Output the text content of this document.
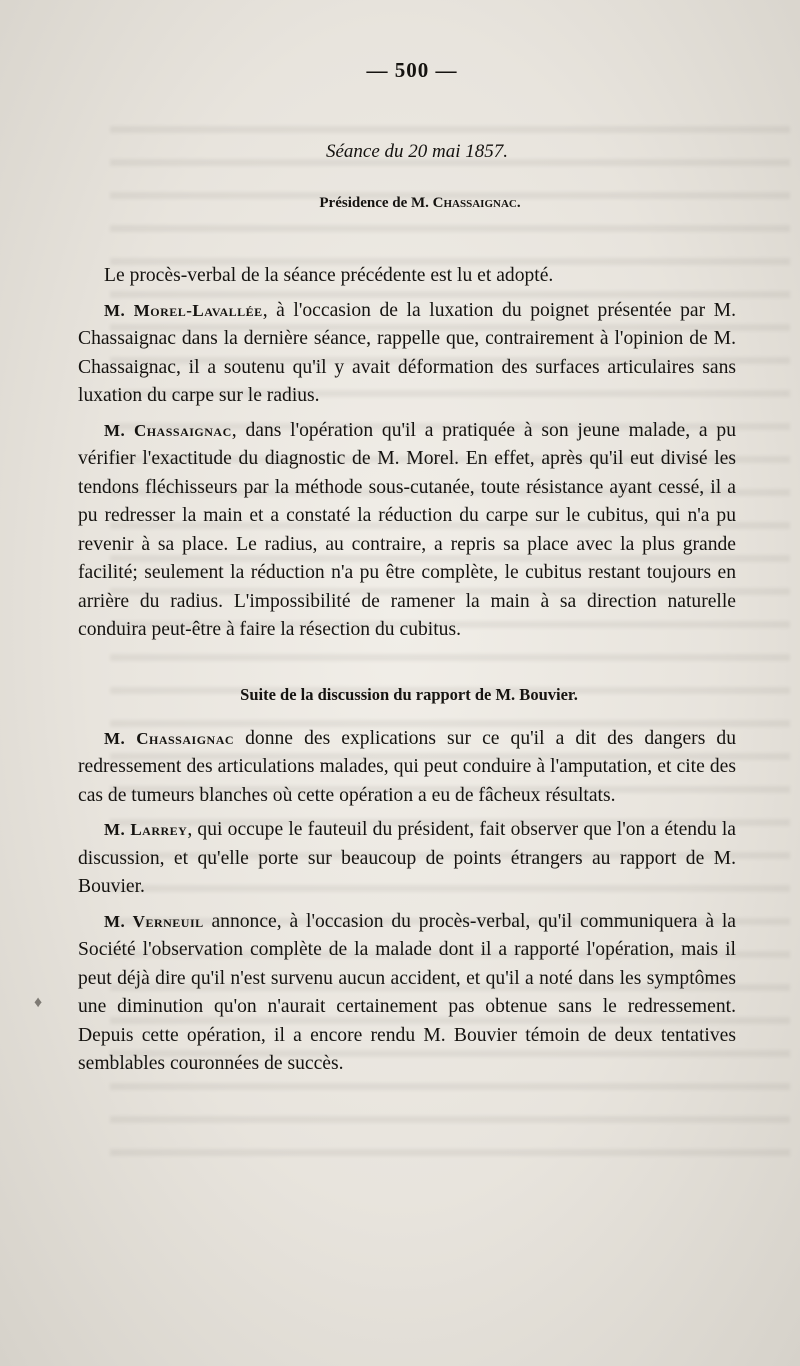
♦
— 500 —
Séance du 20 mai 1857.
Présidence de M. Chassaignac.

Le procès-verbal de la séance précédente est lu et adopté.

M. Morel-Lavallée, à l'occasion de la luxation du poignet présentée par M. Chassaignac dans la dernière séance, rappelle que, contrairement à l'opinion de M. Chassaignac, il a soutenu qu'il y avait déformation des surfaces articulaires sans luxation du carpe sur le radius.

M. Chassaignac, dans l'opération qu'il a pratiquée à son jeune malade, a pu vérifier l'exactitude du diagnostic de M. Morel. En effet, après qu'il eut divisé les tendons fléchisseurs par la méthode sous-cutanée, toute résistance ayant cessé, il a pu redresser la main et a constaté la réduction du carpe sur le cubitus, qui n'a pu revenir à sa place. Le radius, au contraire, a repris sa place avec la plus grande facilité; seulement la réduction n'a pu être complète, le cubitus restant toujours en arrière du radius. L'impossibilité de ramener la main à sa direction naturelle conduira peut-être à faire la résection du cubitus.

Suite de la discussion du rapport de M. Bouvier.

M. Chassaignac donne des explications sur ce qu'il a dit des dangers du redressement des articulations malades, qui peut conduire à l'amputation, et cite des cas de tumeurs blanches où cette opération a eu de fâcheux résultats.

M. Larrey, qui occupe le fauteuil du président, fait observer que l'on a étendu la discussion, et qu'elle porte sur beaucoup de points étrangers au rapport de M. Bouvier.

M. Verneuil annonce, à l'occasion du procès-verbal, qu'il communiquera à la Société l'observation complète de la malade dont il a rapporté l'opération, mais il peut déjà dire qu'il n'est survenu aucun accident, et qu'il a noté dans les symptômes une diminution qu'on n'aurait certainement pas obtenue sans le redressement. Depuis cette opération, il a encore rendu M. Bouvier témoin de deux tentatives semblables couronnées de succès.
